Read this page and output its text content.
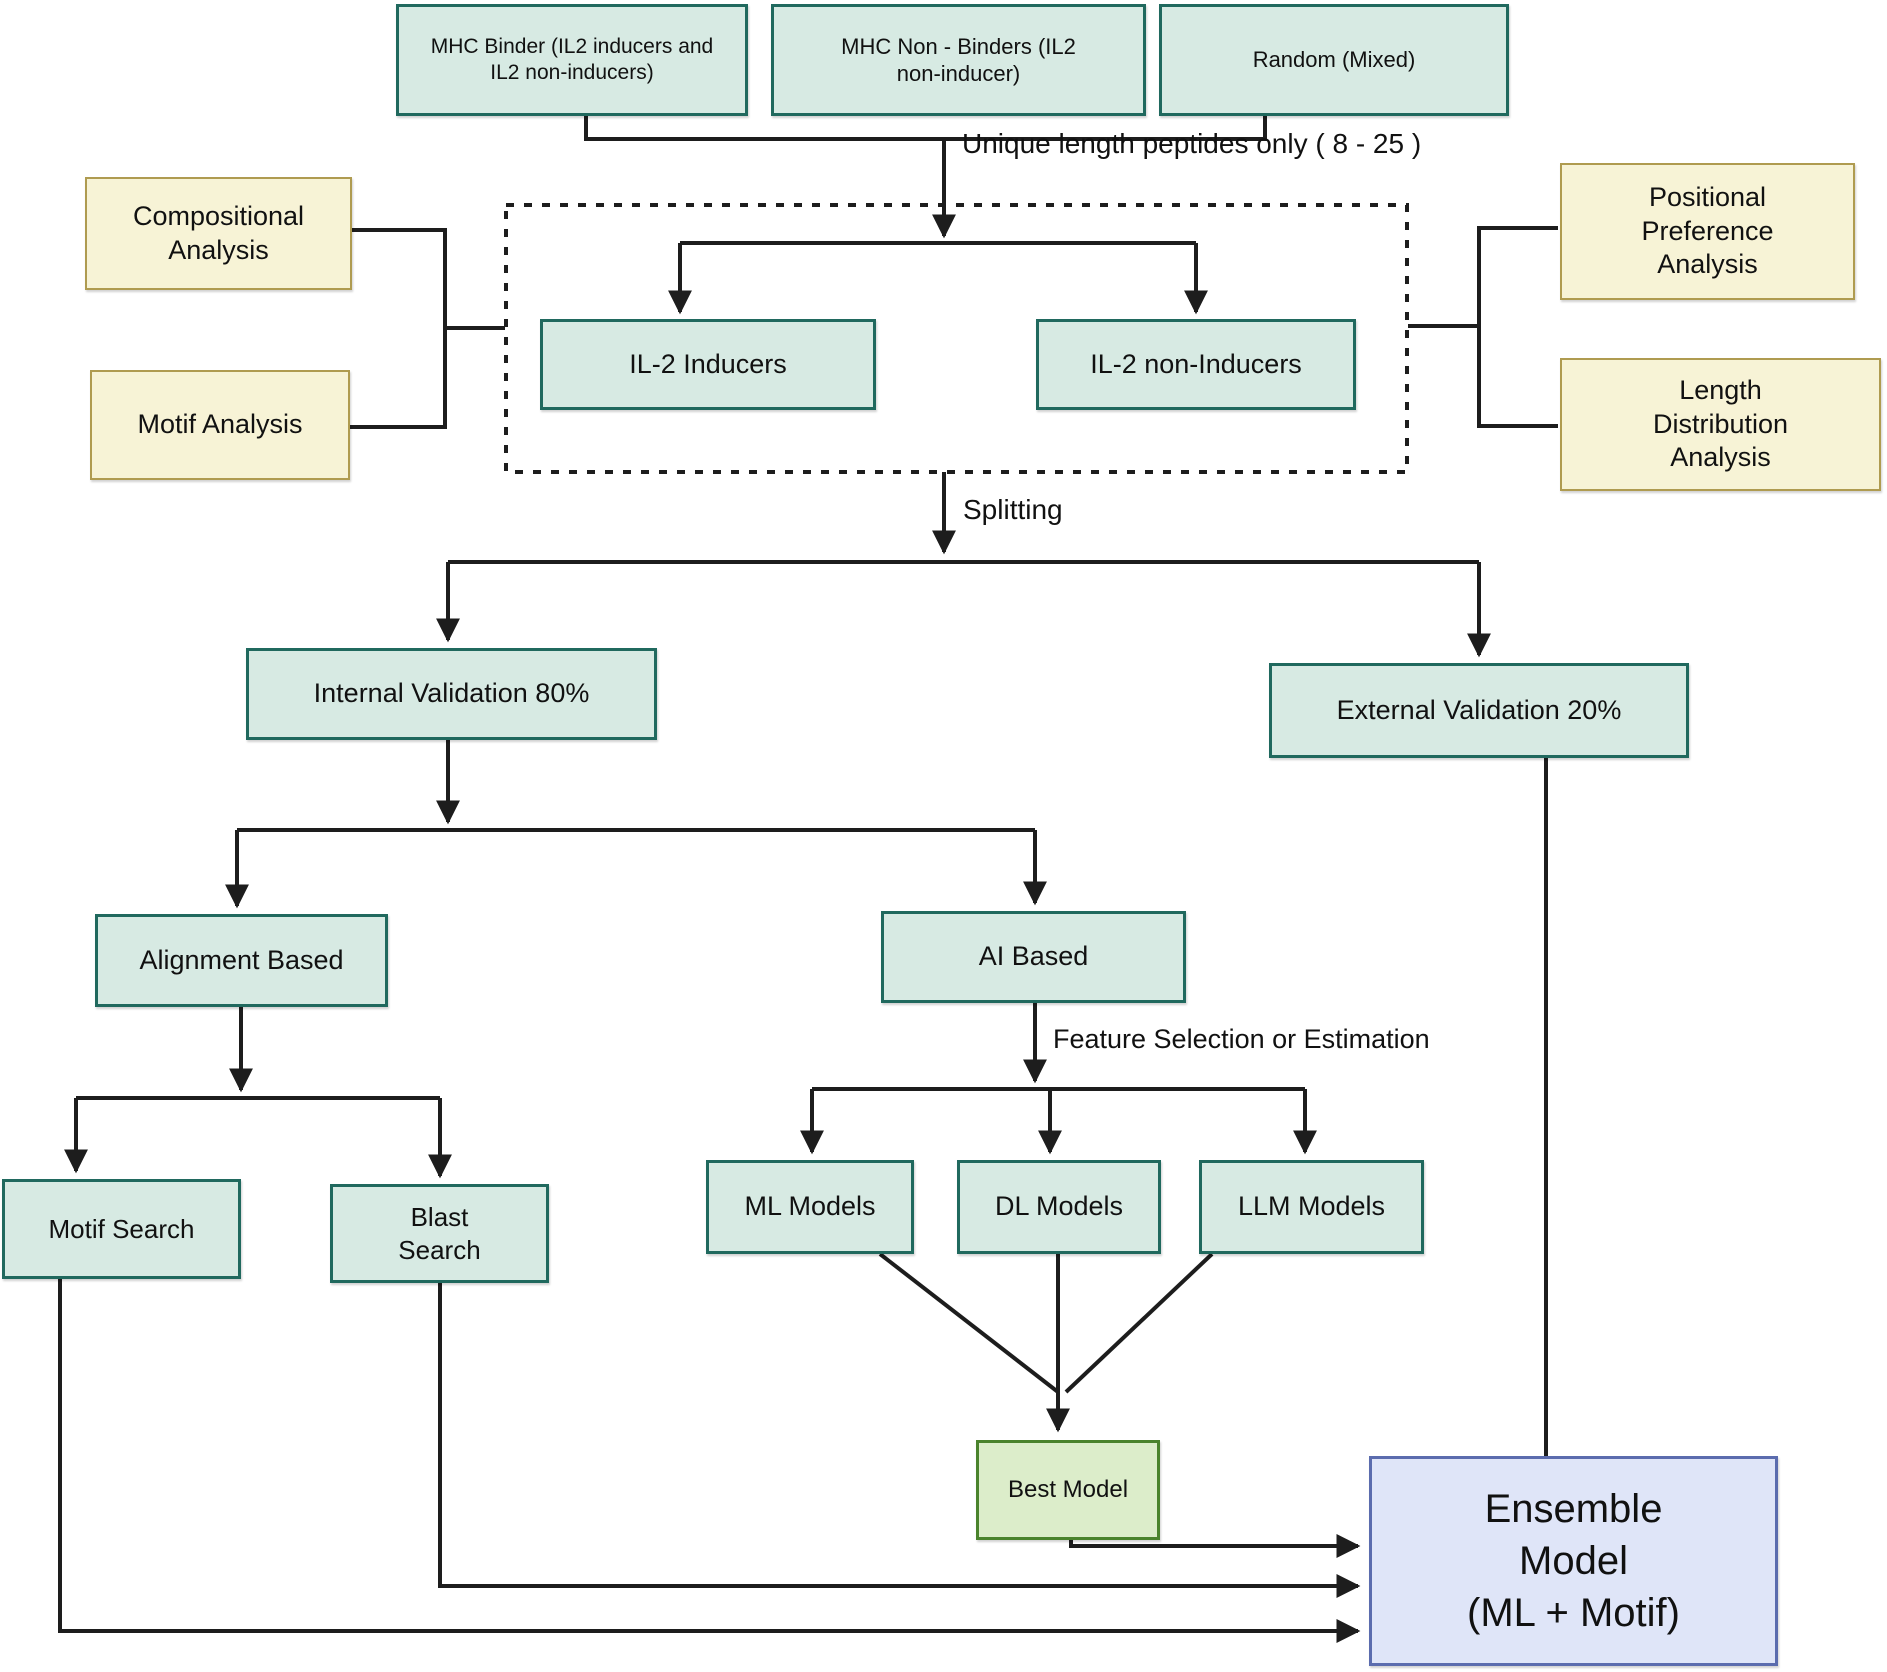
MHC Binder (IL2 inducers and IL2 non-inducers)
MHC Non - Binders (IL2 non-inducer)
Random (Mixed)
IL-2 Inducers	IL-2 non-Inducers
Compositional Analysis
Motif Analysis
Positional
Preference
Analysis
Length
Distribution
Analysis
Internal Validation 80%
External Validation 20%
Alignment Based	AI Based
Motif Search	Blast
Search
ML Models	DL Models	LLM Models
Best Model	Ensemble
Model
(ML + Motif)
Unique length peptides only ( 8 - 25 )
Splitting
Feature Selection or Estimation
